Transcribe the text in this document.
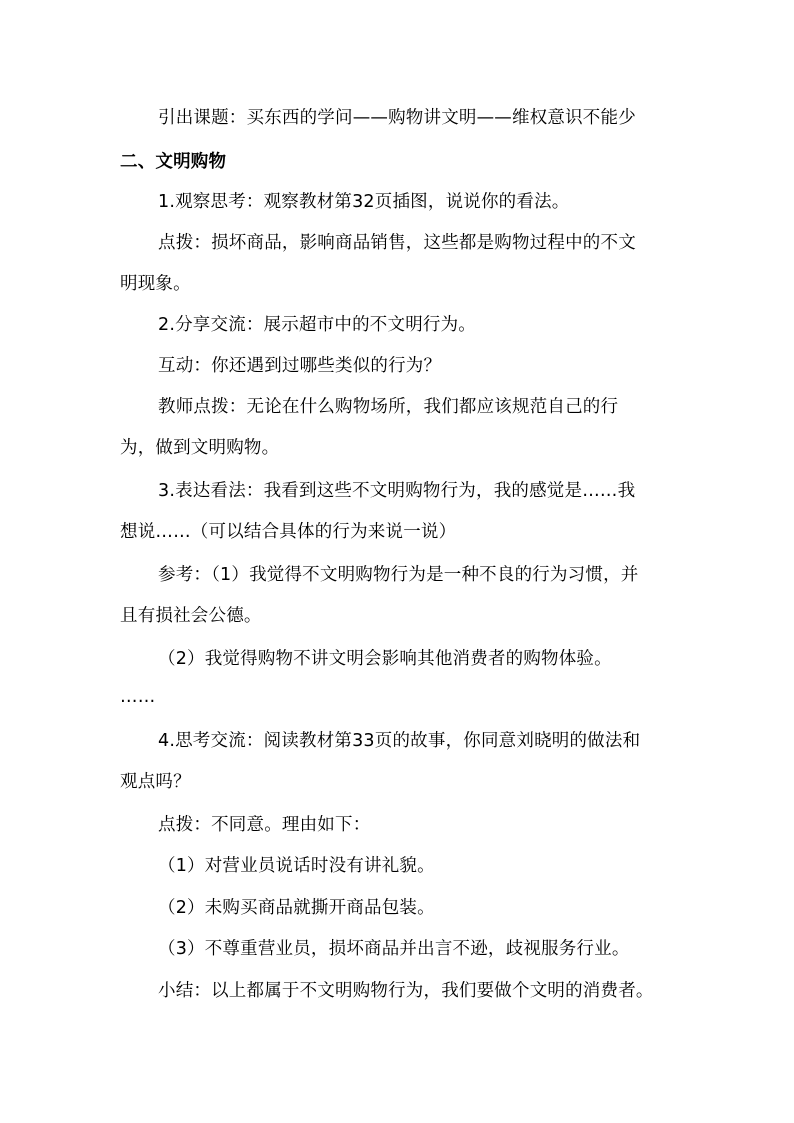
引出课题：买东西的学问——购物讲文明——维权意识不能少
二、文明购物
1.观察思考：观察教材第32页插图，说说你的看法。
点拨：损坏商品，影响商品销售，这些都是购物过程中的不文
明现象。
2.分享交流：展示超市中的不文明行为。
互动：你还遇到过哪些类似的行为？
教师点拨：无论在什么购物场所，我们都应该规范自己的行
为，做到文明购物。
3.表达看法：我看到这些不文明购物行为，我的感觉是……我
想说……（可以结合具体的行为来说一说）
参考：（1）我觉得不文明购物行为是一种不良的行为习惯，并
且有损社会公德。
（2）我觉得购物不讲文明会影响其他消费者的购物体验。
……
4.思考交流：阅读教材第33页的故事，你同意刘晓明的做法和
观点吗？
点拨：不同意。理由如下：
（1）对营业员说话时没有讲礼貌。
（2）未购买商品就撕开商品包装。
（3）不尊重营业员，损坏商品并出言不逊，歧视服务行业。
小结：以上都属于不文明购物行为，我们要做个文明的消费者。
